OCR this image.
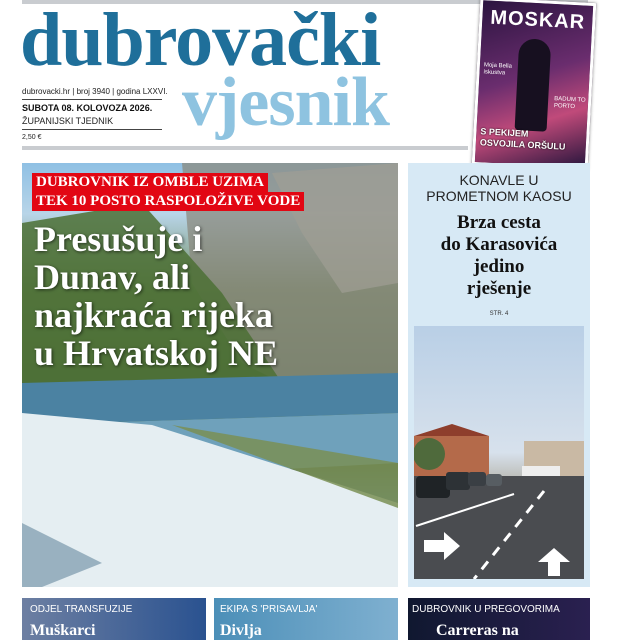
dubrovački
vjesnik
dubrovacki.hr | broj 3940 | godina LXXVI.
SUBOTA 08. KOLOVOZA 2026.
ŽUPANIJSKI TJEDNIK
2,50 €
MOSKAR
Moja Bella iskustva
BADUM TO PORTO
S PEKIJEM
OSVOJILA ORŠULU
DUBROVNIK IZ OMBLE UZIMA
TEK 10 POSTO RASPOLOŽIVE VODE
Presušuje i
Dunav, ali
najkraća rijeka
u Hrvatskoj NE
KONAVLE U
PROMETNOM KAOSU
Brza cesta
do Karasovića
jedino
rješenje
STR. 4
ODJEL TRANSFUZIJE
Muškarci
EKIPA S 'PRISAVLJA'
Divlja
DUBROVNIK U PREGOVORIMA
Carreras na
